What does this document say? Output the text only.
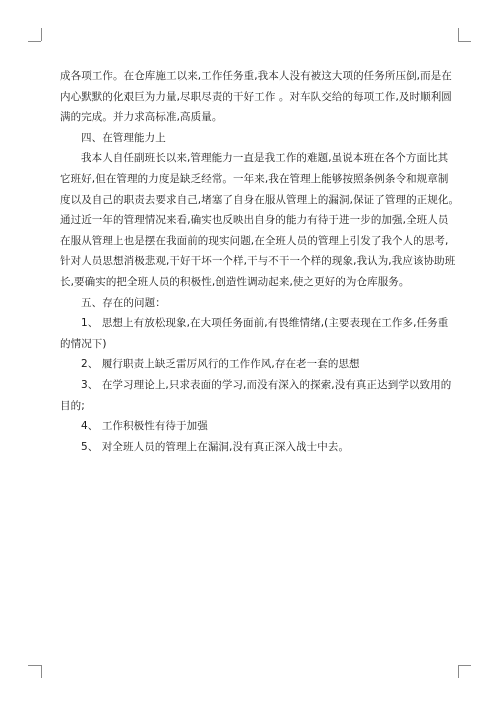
成各项工作。在仓库施工以来,工作任务重,我本人没有被这大项的任务所压倒,而是在
内心默默的化艰巨为力量,尽职尽责的干好工作 。对车队交给的每项工作,及时顺利圆
满的完成。并力求高标准,高质量。

四、在管理能力上

我本人自任副班长以来,管理能力一直是我工作的难题,虽说本班在各个方面比其
它班好,但在管理的力度是缺乏经常。一年来,我在管理上能够按照条例条令和规章制
度以及自己的职责去要求自己,堵塞了自身在服从管理上的漏洞,保证了管理的正规化。
通过近一年的管理情况来看,确实也反映出自身的能力有待于进一步的加强,全班人员
在服从管理上也是摆在我面前的现实问题,在全班人员的管理上引发了我个人的思考,
针对人员思想消极悲观,干好干坏一个样,干与不干一个样的现象,我认为,我应该协助班
长,要确实的把全班人员的积极性,创造性调动起来,使之更好的为仓库服务。

五、存在的问题：

1、 思想上有放松现象,在大项任务面前,有畏维情绪,(主要表现在工作多,任务重
的情况下)
2、 履行职责上缺乏雷厉风行的工作作风,存在老一套的思想
3、 在学习理论上,只求表面的学习,而没有深入的探索,没有真正达到学以致用的
目的;
4、 工作积极性有待于加强
5、 对全班人员的管理上在漏洞,没有真正深入战士中去。
